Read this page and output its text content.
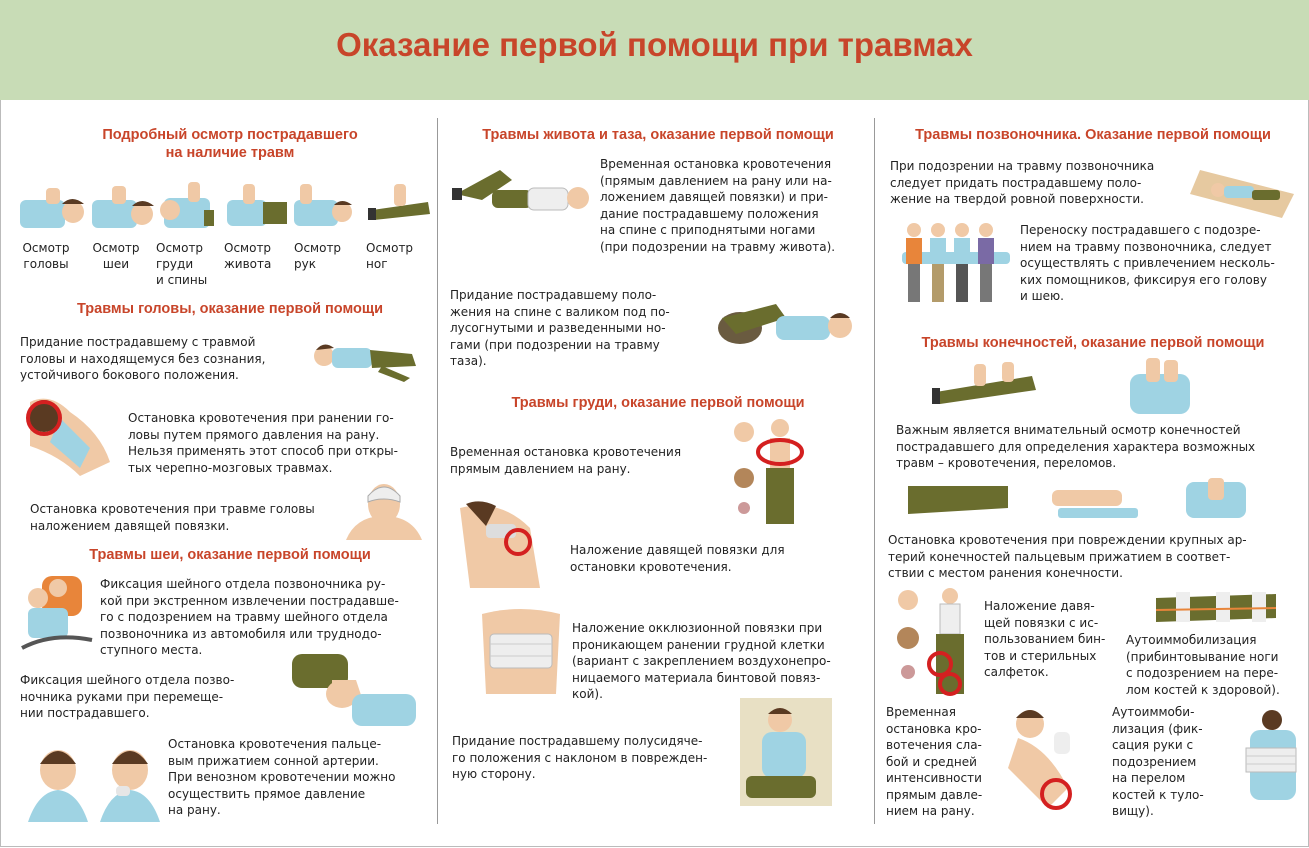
Оказание первой помощи при травмах
Подробный осмотр пострадавшего
на наличие травм
Осмотр
головы
Осмотр
шеи
Осмотр
груди
и спины
Осмотр
живота
Осмотр
рук
Осмотр
ног
Травмы головы, оказание первой помощи
Придание пострадавшему с травмой
головы и находящемуся без сознания,
устойчивого бокового положения.
Остановка кровотечения при ранении го-
ловы путем прямого давления на рану.
Нельзя применять этот способ при откры-
тых черепно-мозговых травмах.
Остановка кровотечения при травме головы
наложением давящей повязки.
Травмы шеи, оказание первой помощи
Фиксация шейного отдела позвоночника ру-
кой при экстренном извлечении пострадавше-
го с подозрением на травму шейного отдела
позвоночника из автомобиля или труднодо-
ступного места.
Фиксация шейного отдела позво-
ночника руками при перемеще-
нии пострадавшего.
Остановка кровотечения пальце-
вым прижатием сонной артерии.
При венозном кровотечении можно
осуществить прямое давление
на рану.
Травмы живота и таза, оказание первой помощи
Временная остановка кровотечения
(прямым давлением на рану или на-
ложением давящей повязки) и при-
дание пострадавшему положения
на спине с приподнятыми ногами
(при подозрении на травму живота).
Придание пострадавшему поло-
жения на спине с валиком под по-
лусогнутыми и разведенными но-
гами (при подозрении на травму
таза).
Травмы груди, оказание первой помощи
Временная остановка кровотечения
прямым давлением на рану.
Наложение давящей повязки для
остановки кровотечения.
Наложение окклюзионной повязки при
проникающем ранении грудной клетки
(вариант с закреплением воздухонепро-
ницаемого материала бинтовой повяз-
кой).
Придание пострадавшему полусидяче-
го положения с наклоном в поврежден-
ную сторону.
Травмы позвоночника. Оказание первой помощи
При подозрении на травму позвоночника
следует придать пострадавшему поло-
жение на твердой ровной поверхности.
Переноску пострадавшего с подозре-
нием на травму позвоночника, следует
осуществлять с привлечением несколь-
ких помощников, фиксируя его голову
и шею.
Травмы конечностей, оказание первой помощи
Важным является внимательный осмотр конечностей
пострадавшего для определения характера возможных
травм – кровотечения, переломов.
Остановка кровотечения при повреждении крупных ар-
терий конечностей пальцевым прижатием в соответ-
ствии с местом ранения конечности.
Наложение давя-
щей повязки с ис-
пользованием бин-
тов и стерильных
салфеток.
Аутоиммобилизация
(прибинтовывание ноги
с подозрением на пере-
лом костей к здоровой).
Временная
остановка кро-
вотечения сла-
бой и средней
интенсивности
прямым давле-
нием на рану.
Аутоиммоби-
лизация (фик-
сация руки с
подозрением
на перелом
костей к туло-
вищу).
